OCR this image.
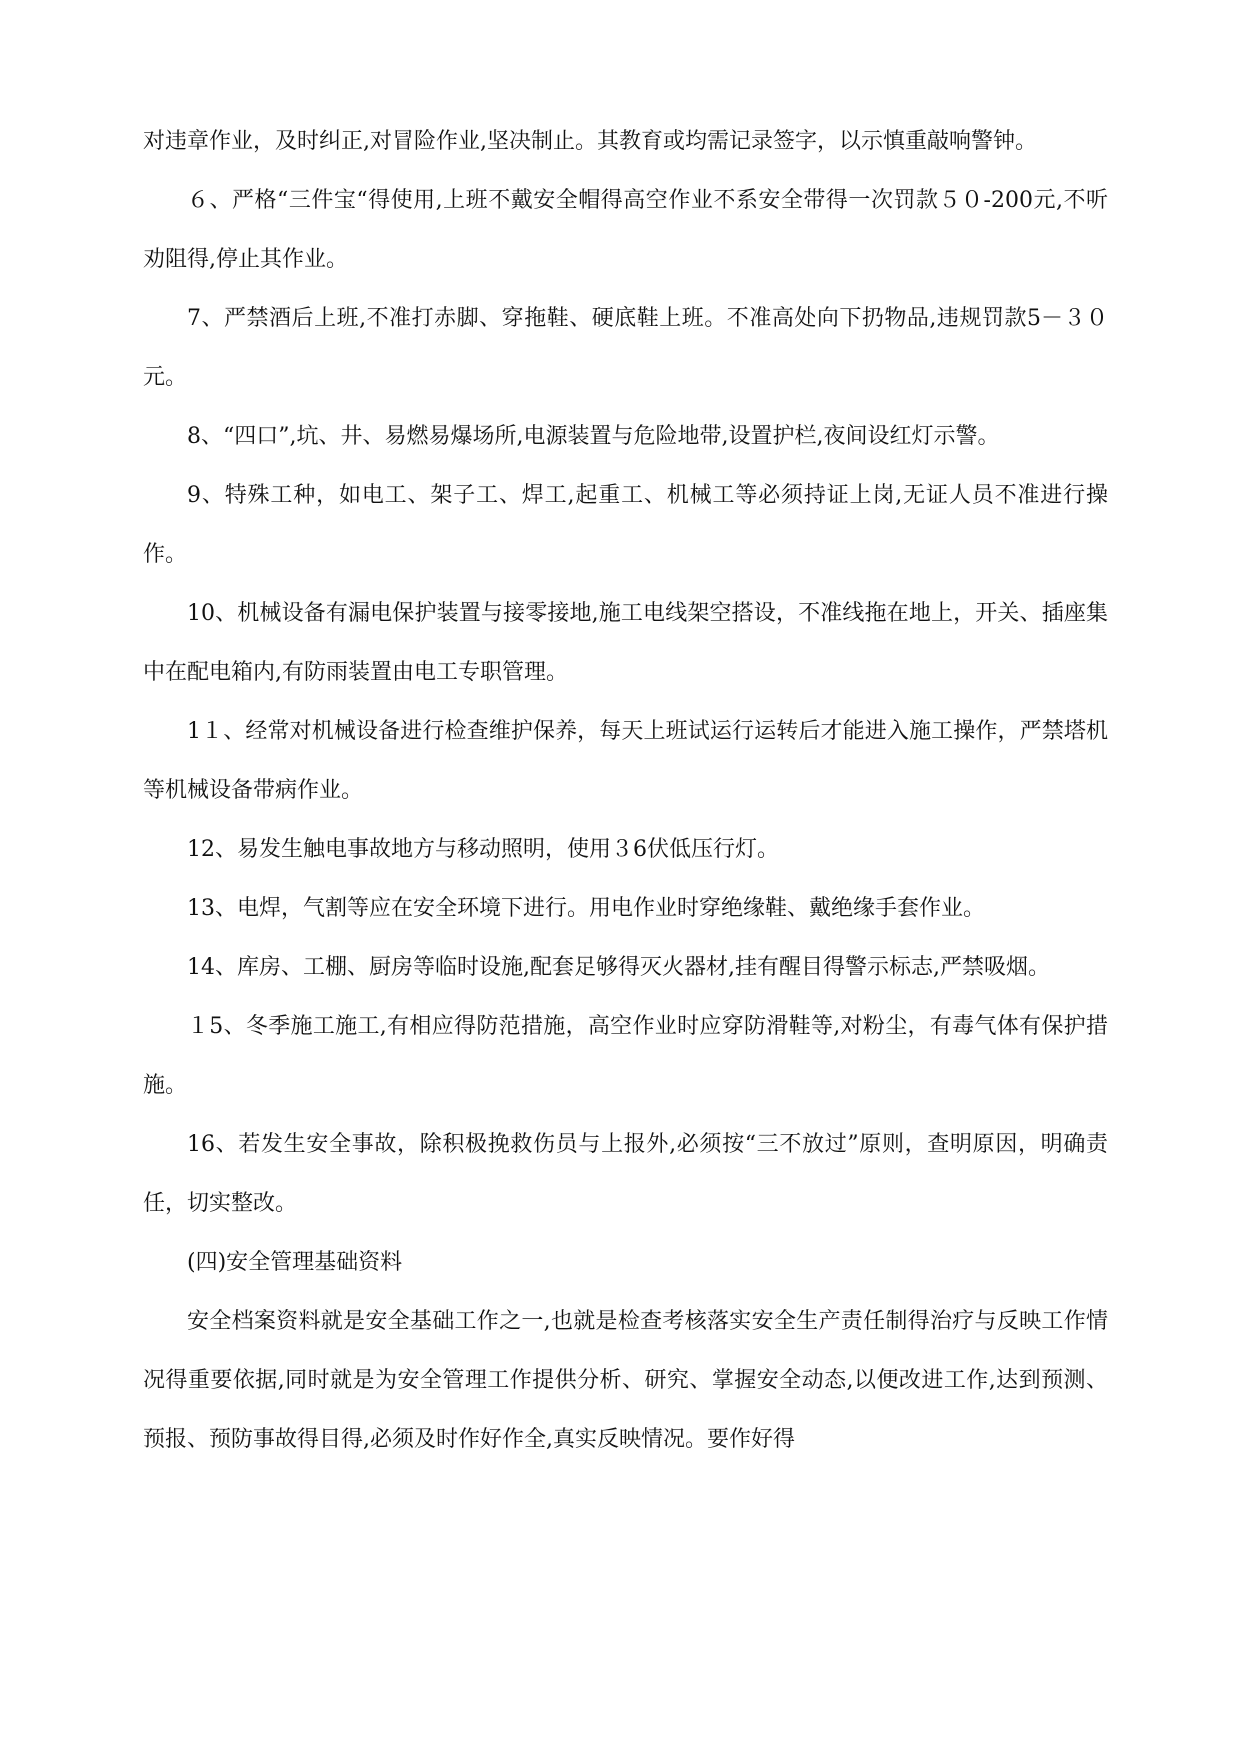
对违章作业，及时纠正,对冒险作业,坚决制止。其教育或均需记录签字，以示慎重敲响警钟。

６、严格“三件宝“得使用,上班不戴安全帽得高空作业不系安全带得一次罚款５０-200元,不听劝阻得,停止其作业。

7、严禁酒后上班,不准打赤脚、穿拖鞋、硬底鞋上班。不准高处向下扔物品,违规罚款5－３０元。

8、“四口”,坑、井、易燃易爆场所,电源装置与危险地带,设置护栏,夜间设红灯示警。

9、特殊工种，如电工、架子工、焊工,起重工、机械工等必须持证上岗,无证人员不准进行操作。

10、机械设备有漏电保护装置与接零接地,施工电线架空搭设，不准线拖在地上，开关、插座集中在配电箱内,有防雨装置由电工专职管理。

1１、经常对机械设备进行检查维护保养，每天上班试运行运转后才能进入施工操作，严禁塔机等机械设备带病作业。

12、易发生触电事故地方与移动照明，使用３6伏低压行灯。

13、电焊，气割等应在安全环境下进行。用电作业时穿绝缘鞋、戴绝缘手套作业。

14、库房、工棚、厨房等临时设施,配套足够得灭火器材,挂有醒目得警示标志,严禁吸烟。

１5、冬季施工施工,有相应得防范措施，高空作业时应穿防滑鞋等,对粉尘，有毒气体有保护措施。

16、若发生安全事故，除积极挽救伤员与上报外,必须按“三不放过”原则，查明原因，明确责任，切实整改。

(四)安全管理基础资料

安全档案资料就是安全基础工作之一,也就是检查考核落实安全生产责任制得治疗与反映工作情况得重要依据,同时就是为安全管理工作提供分析、研究、掌握安全动态,以便改进工作,达到预测、预报、预防事故得目得,必须及时作好作全,真实反映情况。要作好得
